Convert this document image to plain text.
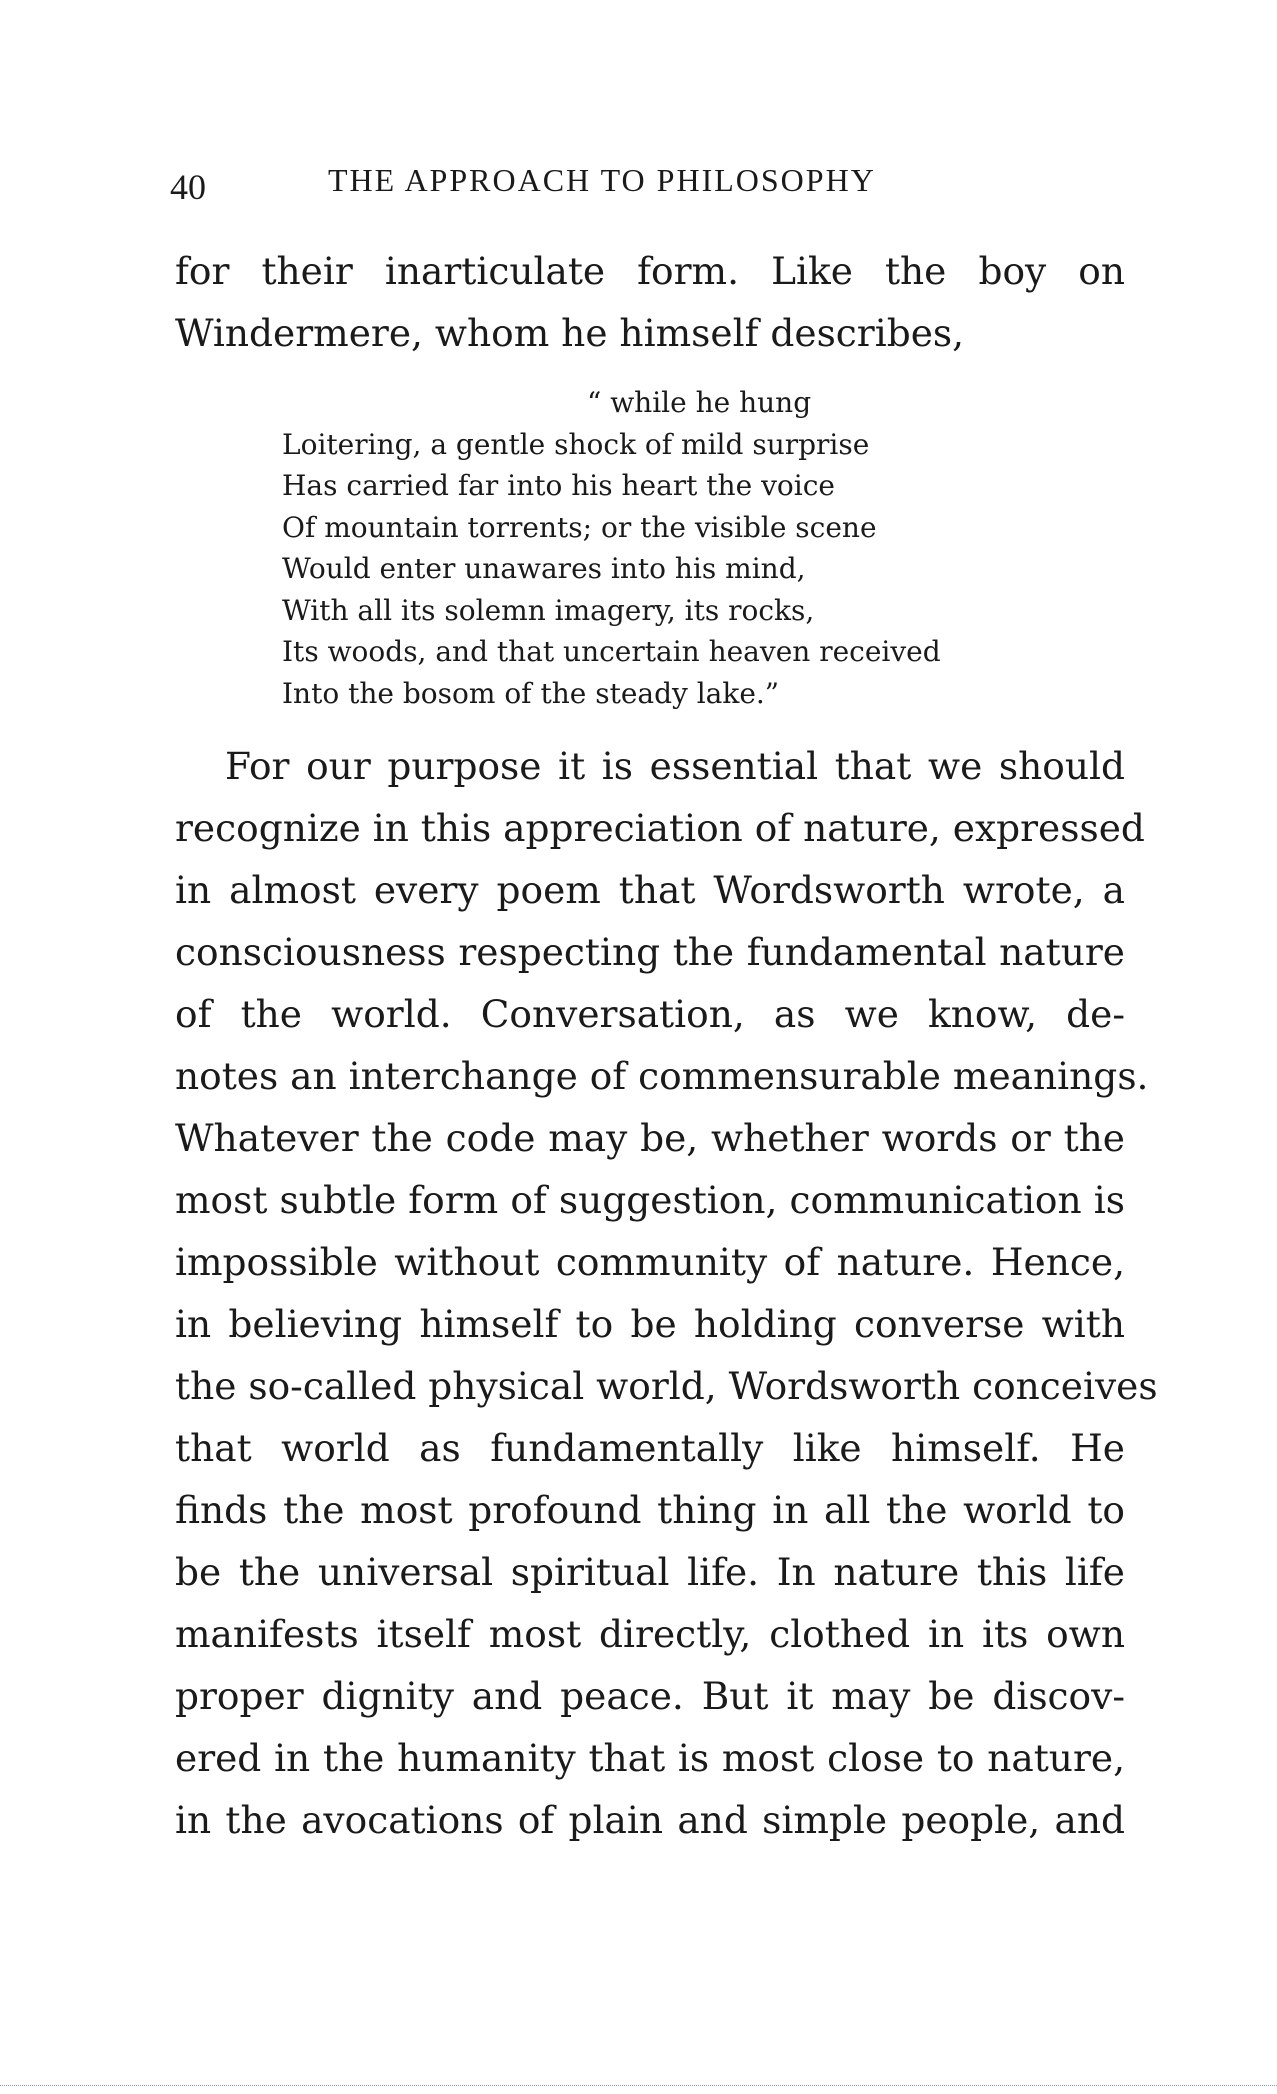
40	THE APPROACH TO PHILOSOPHY
for their inarticulate form. Like the boy on
Windermere, whom he himself describes,
“ while he hung
Loitering, a gentle shock of mild surprise
Has carried far into his heart the voice
Of mountain torrents; or the visible scene
Would enter unawares into his mind,
With all its solemn imagery, its rocks,
Its woods, and that uncertain heaven received
Into the bosom of the steady lake.”
For our purpose it is essential that we should
recognize in this appreciation of nature, expressed
in almost every poem that Wordsworth wrote, a
consciousness respecting the fundamental nature
of the world. Conversation, as we know, de-
notes an interchange of commensurable meanings.
Whatever the code may be, whether words or the
most subtle form of suggestion, communication is
impossible without community of nature. Hence,
in believing himself to be holding converse with
the so-called physical world, Wordsworth conceives
that world as fundamentally like himself. He
finds the most profound thing in all the world to
be the universal spiritual life. In nature this life
manifests itself most directly, clothed in its own
proper dignity and peace. But it may be discov-
ered in the humanity that is most close to nature,
in the avocations of plain and simple people, and
